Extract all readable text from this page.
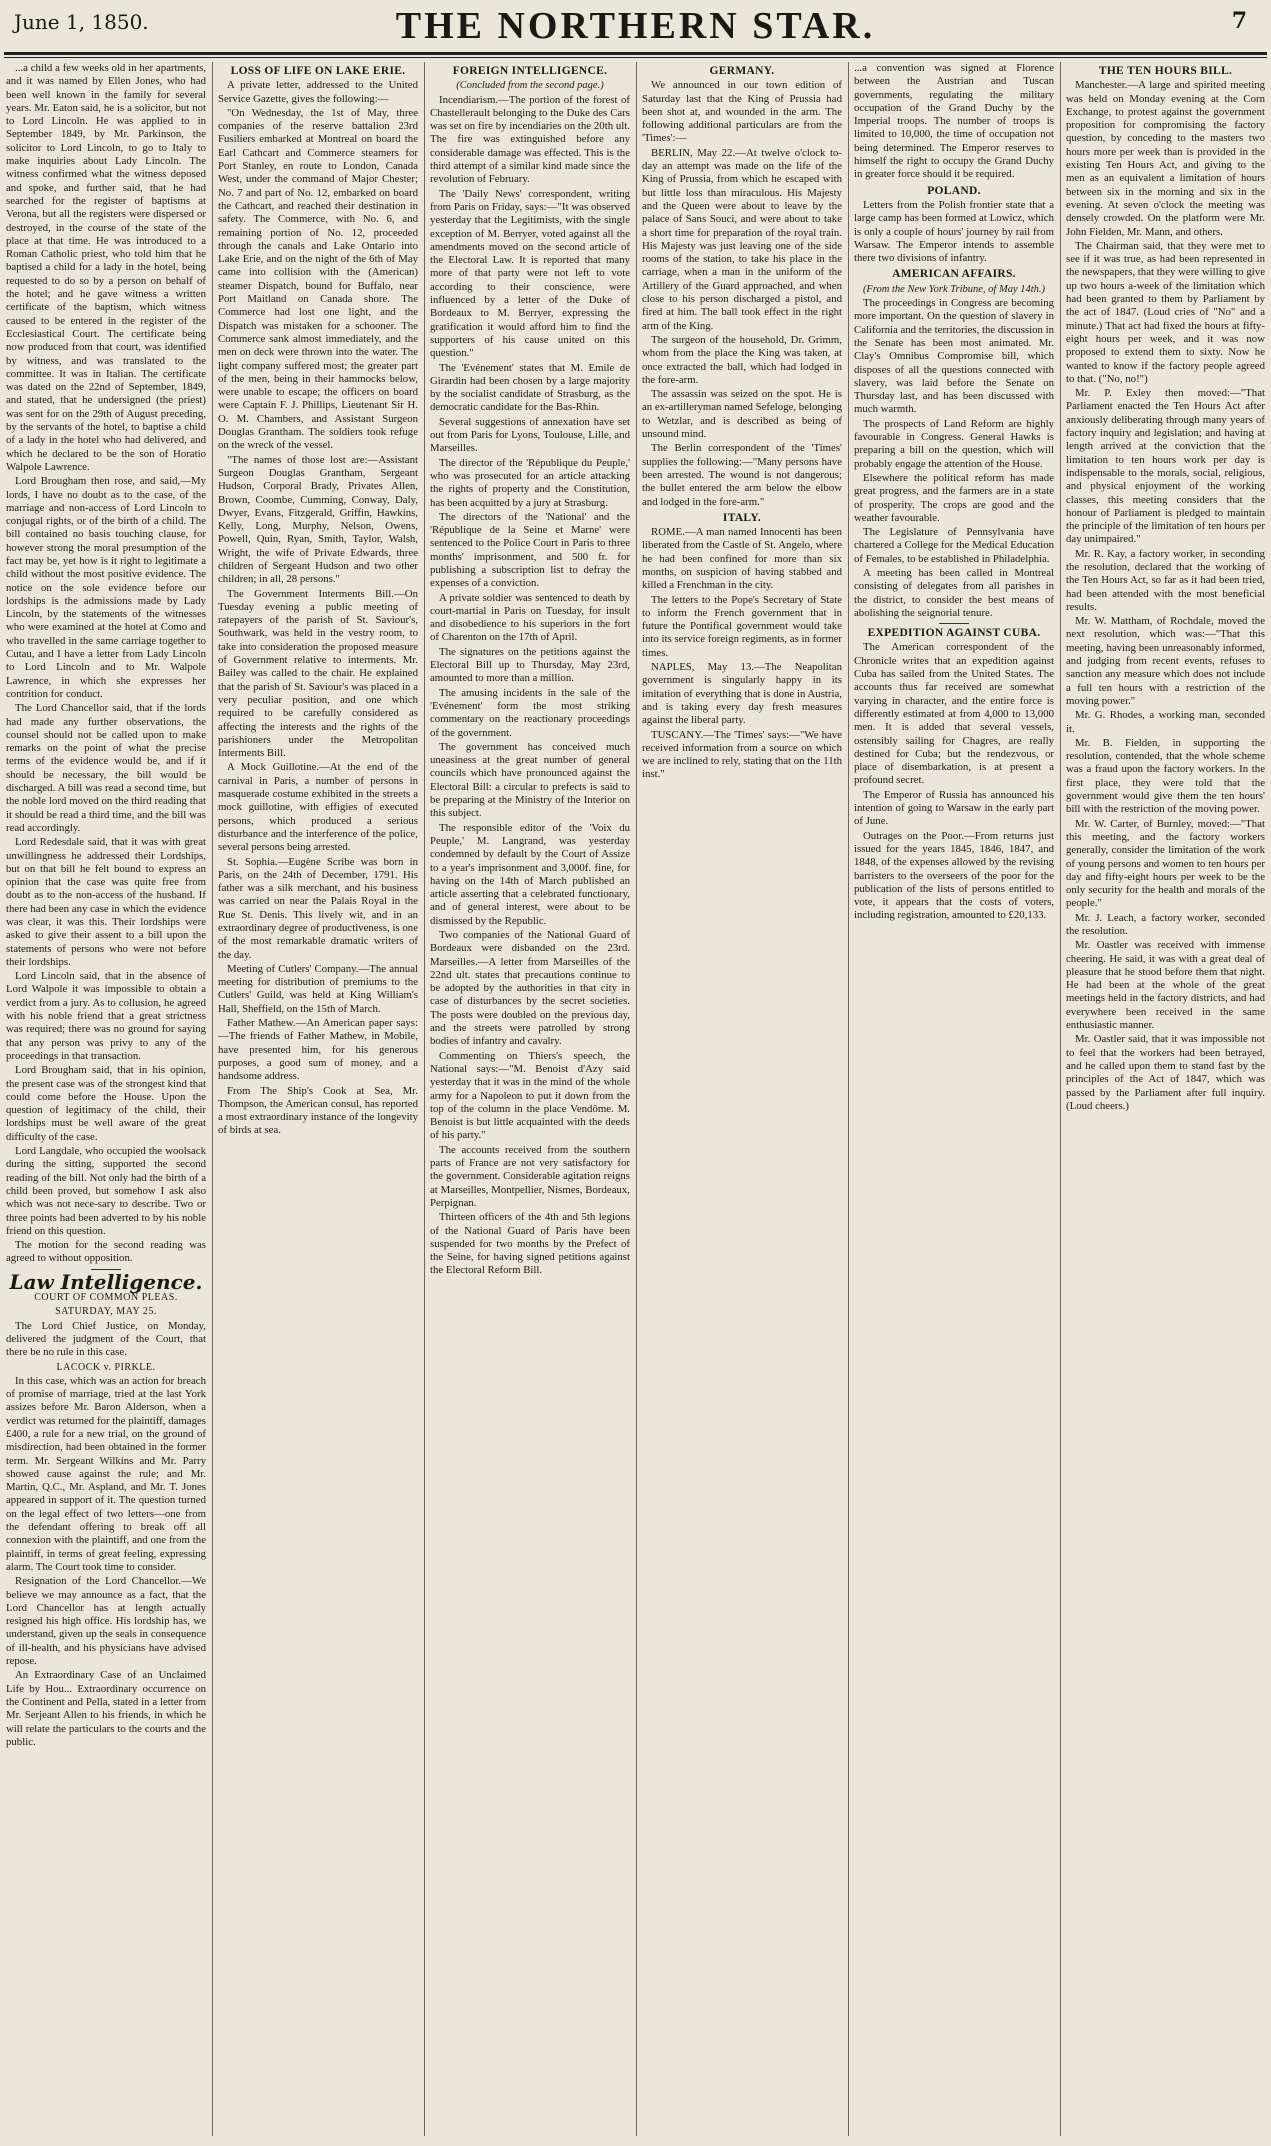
June 1, 1850.	THE NORTHERN STAR.	7

...a child a few weeks old in her apartments, and it was named by Ellen Jones, who had been well known in the family for several years. Mr. Eaton said, he is a solicitor, but not to Lord Lincoln. He was applied to in September 1849, by Mr. Parkinson, the solicitor to Lord Lincoln, to go to Italy to make inquiries about Lady Lincoln. The witness confirmed what the witness deposed and spoke, and further said, that he had searched for the register of baptisms at Verona, but all the registers were dispersed or destroyed, in the course of the state of the place at that time. He was introduced to a Roman Catholic priest, who told him that he baptised a child for a lady in the hotel, being requested to do so by a person on behalf of the hotel; and he gave witness a written certificate of the baptism, which witness caused to be entered in the register of the Ecclesiastical Court. The certificate being now produced from that court, was identified by witness, and was translated to the committee. It was in Italian. The certificate was dated on the 22nd of September, 1849, and stated, that he undersigned (the priest) was sent for on the 29th of August preceding, by the servants of the hotel, to baptise a child of a lady in the hotel who had delivered, and which he declared to be the son of Horatio Walpole Lawrence.

Lord Brougham then rose, and said,—My lords, I have no doubt as to the case, of the marriage and non-access of Lord Lincoln to conjugal rights, or of the birth of a child. The bill contained no basis touching clause, for however strong the moral presumption of the fact may be, yet how is it right to legitimate a child without the most positive evidence. The notice on the sole evidence before our lordships is the admissions made by Lady Lincoln, by the statements of the witnesses who were examined at the hotel at Como and who travelled in the same carriage together to Cutau, and I have a letter from Lady Lincoln to Lord Lincoln and to Mr. Walpole Lawrence, in which she expresses her contrition for conduct.

The Lord Chancellor said, that if the lords had made any further observations, the counsel should not be called upon to make remarks on the point of what the precise terms of the evidence would be, and if it should be necessary, the bill would be discharged. A bill was read a second time, but the noble lord moved on the third reading that it should be read a third time, and the bill was read accordingly.

Lord Redesdale said, that it was with great unwillingness he addressed their Lordships, but on that bill he felt bound to express an opinion that the case was quite free from doubt as to the non-access of the husband. If there had been any case in which the evidence was clear, it was this. Their lordships were asked to give their assent to a bill upon the statements of persons who were not before their lordships.

Lord Lincoln said, that in the absence of Lord Walpole it was impossible to obtain a verdict from a jury. As to collusion, he agreed with his noble friend that a great strictness was required; there was no ground for saying that any person was privy to any of the proceedings in that transaction.

Lord Brougham said, that in his opinion, the present case was of the strongest kind that could come before the House. Upon the question of legitimacy of the child, their lordships must be well aware of the great difficulty of the case.

Lord Langdale, who occupied the woolsack during the sitting, supported the second reading of the bill. Not only had the birth of a child been proved, but somehow I ask also which was not nece-sary to describe. Two or three points had been adverted to by his noble friend on this question.

The motion for the second reading was agreed to without opposition.

Law Intelligence.
COURT OF COMMON PLEAS.
SATURDAY, MAY 25.

The Lord Chief Justice, on Monday, delivered the judgment of the Court, that there be no rule in this case.

LACOCK v. PIRKLE.

In this case, which was an action for breach of promise of marriage, tried at the last York assizes before Mr. Baron Alderson, when a verdict was returned for the plaintiff, damages £400, a rule for a new trial, on the ground of misdirection, had been obtained in the former term. Mr. Sergeant Wilkins and Mr. Parry showed cause against the rule; and Mr. Martin, Q.C., Mr. Aspland, and Mr. T. Jones appeared in support of it. The question turned on the legal effect of two letters—one from the defendant offering to break off all connexion with the plaintiff, and one from the plaintiff, in terms of great feeling, expressing alarm. The Court took time to consider.

Resignation of the Lord Chancellor.—We believe we may announce as a fact, that the Lord Chancellor has at length actually resigned his high office. His lordship has, we understand, given up the seals in consequence of ill-health, and his physicians have advised repose.

An Extraordinary Case of an Unclaimed Life by Hou... Extraordinary occurrence on the Continent and Pella, stated in a letter from Mr. Serjeant Allen to his friends, in which he will relate the particulars to the courts and the public.

LOSS OF LIFE ON LAKE ERIE.

A private letter, addressed to the United Service Gazette, gives the following:—

"On Wednesday, the 1st of May, three companies of the reserve battalion 23rd Fusiliers embarked at Montreal on board the Earl Cathcart and Commerce steamers for Port Stanley, en route to London, Canada West, under the command of Major Chester; No. 7 and part of No. 12, embarked on board the Cathcart, and reached their destination in safety. The Commerce, with No. 6, and remaining portion of No. 12, proceeded through the canals and Lake Ontario into Lake Erie, and on the night of the 6th of May came into collision with the (American) steamer Dispatch, bound for Buffalo, near Port Maitland on Canada shore. The Commerce had lost one light, and the Dispatch was mistaken for a schooner. The Commerce sank almost immediately, and the men on deck were thrown into the water. The light company suffered most; the greater part of the men, being in their hammocks below, were unable to escape; the officers on board were Captain F. J. Phillips, Lieutenant Sir H. O. M. Chambers, and Assistant Surgeon Douglas Grantham. The soldiers took refuge on the wreck of the vessel.

"The names of those lost are:—Assistant Surgeon Douglas Grantham, Sergeant Hudson, Corporal Brady, Privates Allen, Brown, Coombe, Cumming, Conway, Daly, Dwyer, Evans, Fitzgerald, Griffin, Hawkins, Kelly, Long, Murphy, Nelson, Owens, Powell, Quin, Ryan, Smith, Taylor, Walsh, Wright, the wife of Private Edwards, three children of Sergeant Hudson and two other children; in all, 28 persons."

The Government Interments Bill.—On Tuesday evening a public meeting of ratepayers of the parish of St. Saviour's, Southwark, was held in the vestry room, to take into consideration the proposed measure of Government relative to interments. Mr. Bailey was called to the chair. He explained that the parish of St. Saviour's was placed in a very peculiar position, and one which required to be carefully considered as affecting the interests and the rights of the parishioners under the Metropolitan Interments Bill.

A Mock Guillotine.—At the end of the carnival in Paris, a number of persons in masquerade costume exhibited in the streets a mock guillotine, with effigies of executed persons, which produced a serious disturbance and the interference of the police, several persons being arrested.

St. Sophia.—Eugène Scribe was born in Paris, on the 24th of December, 1791. His father was a silk merchant, and his business was carried on near the Palais Royal in the Rue St. Denis. This lively wit, and in an extraordinary degree of productiveness, is one of the most remarkable dramatic writers of the day.

Meeting of Cutlers' Company.—The annual meeting for distribution of premiums to the Cutlers' Guild, was held at King William's Hall, Sheffield, on the 15th of March.

Father Mathew.—An American paper says:—The friends of Father Mathew, in Mobile, have presented him, for his generous purposes, a good sum of money, and a handsome address.

From The Ship's Cook at Sea, Mr. Thompson, the American consul, has reported a most extraordinary instance of the longevity of birds at sea.

FOREIGN INTELLIGENCE.
(Concluded from the second page.)

Incendiarism.—The portion of the forest of Chastellerault belonging to the Duke des Cars was set on fire by incendiaries on the 20th ult. The fire was extinguished before any considerable damage was effected. This is the third attempt of a similar kind made since the revolution of February.

The 'Daily News' correspondent, writing from Paris on Friday, says:—"It was observed yesterday that the Legitimists, with the single exception of M. Berryer, voted against all the amendments moved on the second article of the Electoral Law. It is reported that many more of that party were not left to vote according to their conscience, were influenced by a letter of the Duke of Bordeaux to M. Berryer, expressing the gratification it would afford him to find the supporters of his cause united on this question."

The 'Evénement' states that M. Emile de Girardin had been chosen by a large majority by the socialist candidate of Strasburg, as the democratic candidate for the Bas-Rhin.

Several suggestions of annexation have set out from Paris for Lyons, Toulouse, Lille, and Marseilles.

The director of the 'République du Peuple,' who was prosecuted for an article attacking the rights of property and the Constitution, has been acquitted by a jury at Strasburg.

The directors of the 'National' and the 'République de la Seine et Marne' were sentenced to the Police Court in Paris to three months' imprisonment, and 500 fr. for publishing a subscription list to defray the expenses of a conviction.

A private soldier was sentenced to death by court-martial in Paris on Tuesday, for insult and disobedience to his superiors in the fort of Charenton on the 17th of April.

The signatures on the petitions against the Electoral Bill up to Thursday, May 23rd, amounted to more than a million.

The amusing incidents in the sale of the 'Evénement' form the most striking commentary on the reactionary proceedings of the government.

The government has conceived much uneasiness at the great number of general councils which have pronounced against the Electoral Bill: a circular to prefects is said to be preparing at the Ministry of the Interior on this subject.

The responsible editor of the 'Voix du Peuple,' M. Langrand, was yesterday condemned by default by the Court of Assize to a year's imprisonment and 3,000f. fine, for having on the 14th of March published an article asserting that a celebrated functionary, and of general interest, were about to be dismissed by the Republic.

Two companies of the National Guard of Bordeaux were disbanded on the 23rd. Marseilles.—A letter from Marseilles of the 22nd ult. states that precautions continue to be adopted by the authorities in that city in case of disturbances by the secret societies. The posts were doubled on the previous day, and the streets were patrolled by strong bodies of infantry and cavalry.

Commenting on Thiers's speech, the National says:—"M. Benoist d'Azy said yesterday that it was in the mind of the whole army for a Napoleon to put it down from the top of the column in the place Vendôme. M. Benoist is but little acquainted with the deeds of his party."

The accounts received from the southern parts of France are not very satisfactory for the government. Considerable agitation reigns at Marseilles, Montpellier, Nismes, Bordeaux, Perpignan.

Thirteen officers of the 4th and 5th legions of the National Guard of Paris have been suspended for two months by the Prefect of the Seine, for having signed petitions against the Electoral Reform Bill.

GERMANY.

We announced in our town edition of Saturday last that the King of Prussia had been shot at, and wounded in the arm. The following additional particulars are from the 'Times':—

BERLIN, May 22.—At twelve o'clock to-day an attempt was made on the life of the King of Prussia, from which he escaped with but little loss than miraculous. His Majesty and the Queen were about to leave by the palace of Sans Souci, and were about to take a short time for preparation of the royal train. His Majesty was just leaving one of the side rooms of the station, to take his place in the carriage, when a man in the uniform of the Artillery of the Guard approached, and when close to his person discharged a pistol, and fired at him. The ball took effect in the right arm of the King.

The surgeon of the household, Dr. Grimm, whom from the place the King was taken, at once extracted the ball, which had lodged in the fore-arm.

The assassin was seized on the spot. He is an ex-artilleryman named Sefeloge, belonging to Wetzlar, and is described as being of unsound mind.

The Berlin correspondent of the 'Times' supplies the following:—"Many persons have been arrested. The wound is not dangerous; the bullet entered the arm below the elbow and lodged in the fore-arm."

ITALY.

ROME.—A man named Innocenti has been liberated from the Castle of St. Angelo, where he had been confined for more than six months, on suspicion of having stabbed and killed a Frenchman in the city.

The letters to the Pope's Secretary of State to inform the French government that in future the Pontifical government would take into its service foreign regiments, as in former times.

NAPLES, May 13.—The Neapolitan government is singularly happy in its imitation of everything that is done in Austria, and is taking every day fresh measures against the liberal party.

TUSCANY.—The 'Times' says:—"We have received information from a source on which we are inclined to rely, stating that on the 11th inst."

...a convention was signed at Florence between the Austrian and Tuscan governments, regulating the military occupation of the Grand Duchy by the Imperial troops. The number of troops is limited to 10,000, the time of occupation not being determined. The Emperor reserves to himself the right to occupy the Grand Duchy in greater force should it be required.

POLAND.

Letters from the Polish frontier state that a large camp has been formed at Lowicz, which is only a couple of hours' journey by rail from Warsaw. The Emperor intends to assemble there two divisions of infantry.

AMERICAN AFFAIRS.
(From the New York Tribune, of May 14th.)

The proceedings in Congress are becoming more important. On the question of slavery in California and the territories, the discussion in the Senate has been most animated. Mr. Clay's Omnibus Compromise bill, which disposes of all the questions connected with slavery, was laid before the Senate on Thursday last, and has been discussed with much warmth.

The prospects of Land Reform are highly favourable in Congress. General Hawks is preparing a bill on the question, which will probably engage the attention of the House.

Elsewhere the political reform has made great progress, and the farmers are in a state of prosperity. The crops are good and the weather favourable.

The Legislature of Pennsylvania have chartered a College for the Medical Education of Females, to be established in Philadelphia.

A meeting has been called in Montreal consisting of delegates from all parishes in the district, to consider the best means of abolishing the seignorial tenure.

EXPEDITION AGAINST CUBA.

The American correspondent of the Chronicle writes that an expedition against Cuba has sailed from the United States. The accounts thus far received are somewhat varying in character, and the entire force is differently estimated at from 4,000 to 13,000 men. It is added that several vessels, ostensibly sailing for Chagres, are really destined for Cuba; but the rendezvous, or place of disembarkation, is at present a profound secret.

The Emperor of Russia has announced his intention of going to Warsaw in the early part of June.

Outrages on the Poor.—From returns just issued for the years 1845, 1846, 1847, and 1848, of the expenses allowed by the revising barristers to the overseers of the poor for the publication of the lists of persons entitled to vote, it appears that the costs of voters, including registration, amounted to £20,133.

THE TEN HOURS BILL.

Manchester.—A large and spirited meeting was held on Monday evening at the Corn Exchange, to protest against the government proposition for compromising the factory question, by conceding to the masters two hours more per week than is provided in the existing Ten Hours Act, and giving to the men as an equivalent a limitation of hours between six in the morning and six in the evening. At seven o'clock the meeting was densely crowded. On the platform were Mr. John Fielden, Mr. Mann, and others.

The Chairman said, that they were met to see if it was true, as had been represented in the newspapers, that they were willing to give up two hours a-week of the limitation which had been granted to them by Parliament by the act of 1847. (Loud cries of "No" and a minute.) That act had fixed the hours at fifty-eight hours per week, and it was now proposed to extend them to sixty. Now he wanted to know if the factory people agreed to that. ("No, no!")

Mr. P. Exley then moved:—"That Parliament enacted the Ten Hours Act after anxiously deliberating through many years of factory inquiry and legislation; and having at length arrived at the conviction that the limitation to ten hours work per day is indispensable to the morals, social, religious, and physical enjoyment of the working classes, this meeting considers that the honour of Parliament is pledged to maintain the principle of the limitation of ten hours per day unimpaired."

Mr. R. Kay, a factory worker, in seconding the resolution, declared that the working of the Ten Hours Act, so far as it had been tried, had been attended with the most beneficial results.

Mr. W. Mattham, of Rochdale, moved the next resolution, which was:—"That this meeting, having been unreasonably informed, and judging from recent events, refuses to sanction any measure which does not include a full ten hours with a restriction of the moving power."

Mr. G. Rhodes, a working man, seconded it.

Mr. B. Fielden, in supporting the resolution, contended, that the whole scheme was a fraud upon the factory workers. In the first place, they were told that the government would give them the ten hours' bill with the restriction of the moving power.

Mr. W. Carter, of Burnley, moved:—"That this meeting, and the factory workers generally, consider the limitation of the work of young persons and women to ten hours per day and fifty-eight hours per week to be the only security for the health and morals of the people."

Mr. J. Leach, a factory worker, seconded the resolution.

Mr. Oastler was received with immense cheering. He said, it was with a great deal of pleasure that he stood before them that night. He had been at the whole of the great meetings held in the factory districts, and had everywhere been received in the same enthusiastic manner.

Mr. Oastler said, that it was impossible not to feel that the workers had been betrayed, and he called upon them to stand fast by the principles of the Act of 1847, which was passed by the Parliament after full inquiry. (Loud cheers.)
